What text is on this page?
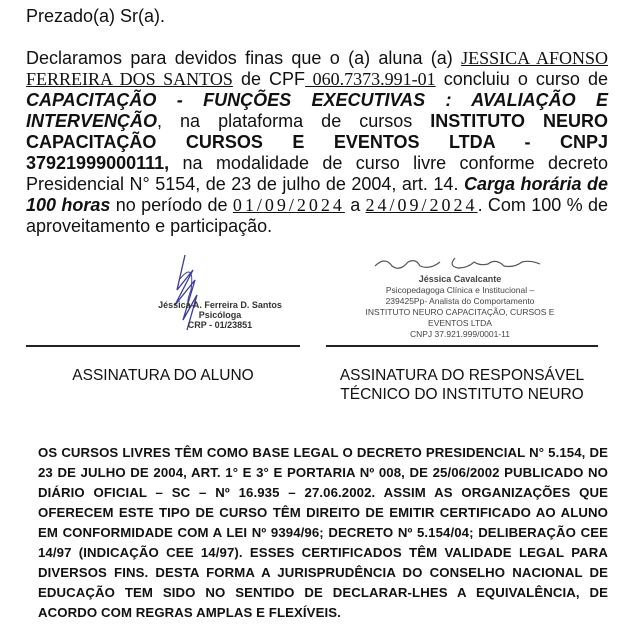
Prezado(a) Sr(a).
Declaramos para devidos finas que o (a) aluna (a) JESSICA AFONSO FERREIRA DOS SANTOS de CPF 060.7373.991-01 concluiu o curso de CAPACITAÇÃO - FUNÇÕES EXECUTIVAS : AVALIAÇÃO E INTERVENÇÃO, na plataforma de cursos INSTITUTO NEURO CAPACITAÇÃO CURSOS E EVENTOS LTDA - CNPJ 37921999000111, na modalidade de curso livre conforme decreto Presidencial N° 5154, de 23 de julho de 2004, art. 14. Carga horária de 100 horas no período de 01/09/2024 a 24/09/2024. Com 100 % de aproveitamento e participação.
Jéssica A. Ferreira D. Santos
Psicóloga
CRP - 01/23851
Jéssica Cavalcante
Psicopedagoga Clínica e Institucional –
239425Pp- Analista do Comportamento
INSTITUTO NEURO CAPACITAÇÃO, CURSOS E
EVENTOS LTDA
CNPJ 37.921.999/0001-11
ASSINATURA DO ALUNO	ASSINATURA DO RESPONSÁVEL
TÉCNICO DO INSTITUTO NEURO
OS CURSOS LIVRES TÊM COMO BASE LEGAL O DECRETO PRESIDENCIAL N° 5.154, DE 23 DE JULHO DE 2004, ART. 1° E 3° E PORTARIA Nº 008, DE 25/06/2002 PUBLICADO NO DIÁRIO OFICIAL – SC – Nº 16.935 – 27.06.2002. ASSIM AS ORGANIZAÇÕES QUE OFERECEM ESTE TIPO DE CURSO TÊM DIREITO DE EMITIR CERTIFICADO AO ALUNO EM CONFORMIDADE COM A LEI Nº 9394/96; DECRETO Nº 5.154/04; DELIBERAÇÃO CEE 14/97 (INDICAÇÃO CEE 14/97). ESSES CERTIFICADOS TÊM VALIDADE LEGAL PARA DIVERSOS FINS. DESTA FORMA A JURISPRUDÊNCIA DO CONSELHO NACIONAL DE EDUCAÇÃO TEM SIDO NO SENTIDO DE DECLARAR-LHES A EQUIVALÊNCIA, DE ACORDO COM REGRAS AMPLAS E FLEXÍVEIS.
